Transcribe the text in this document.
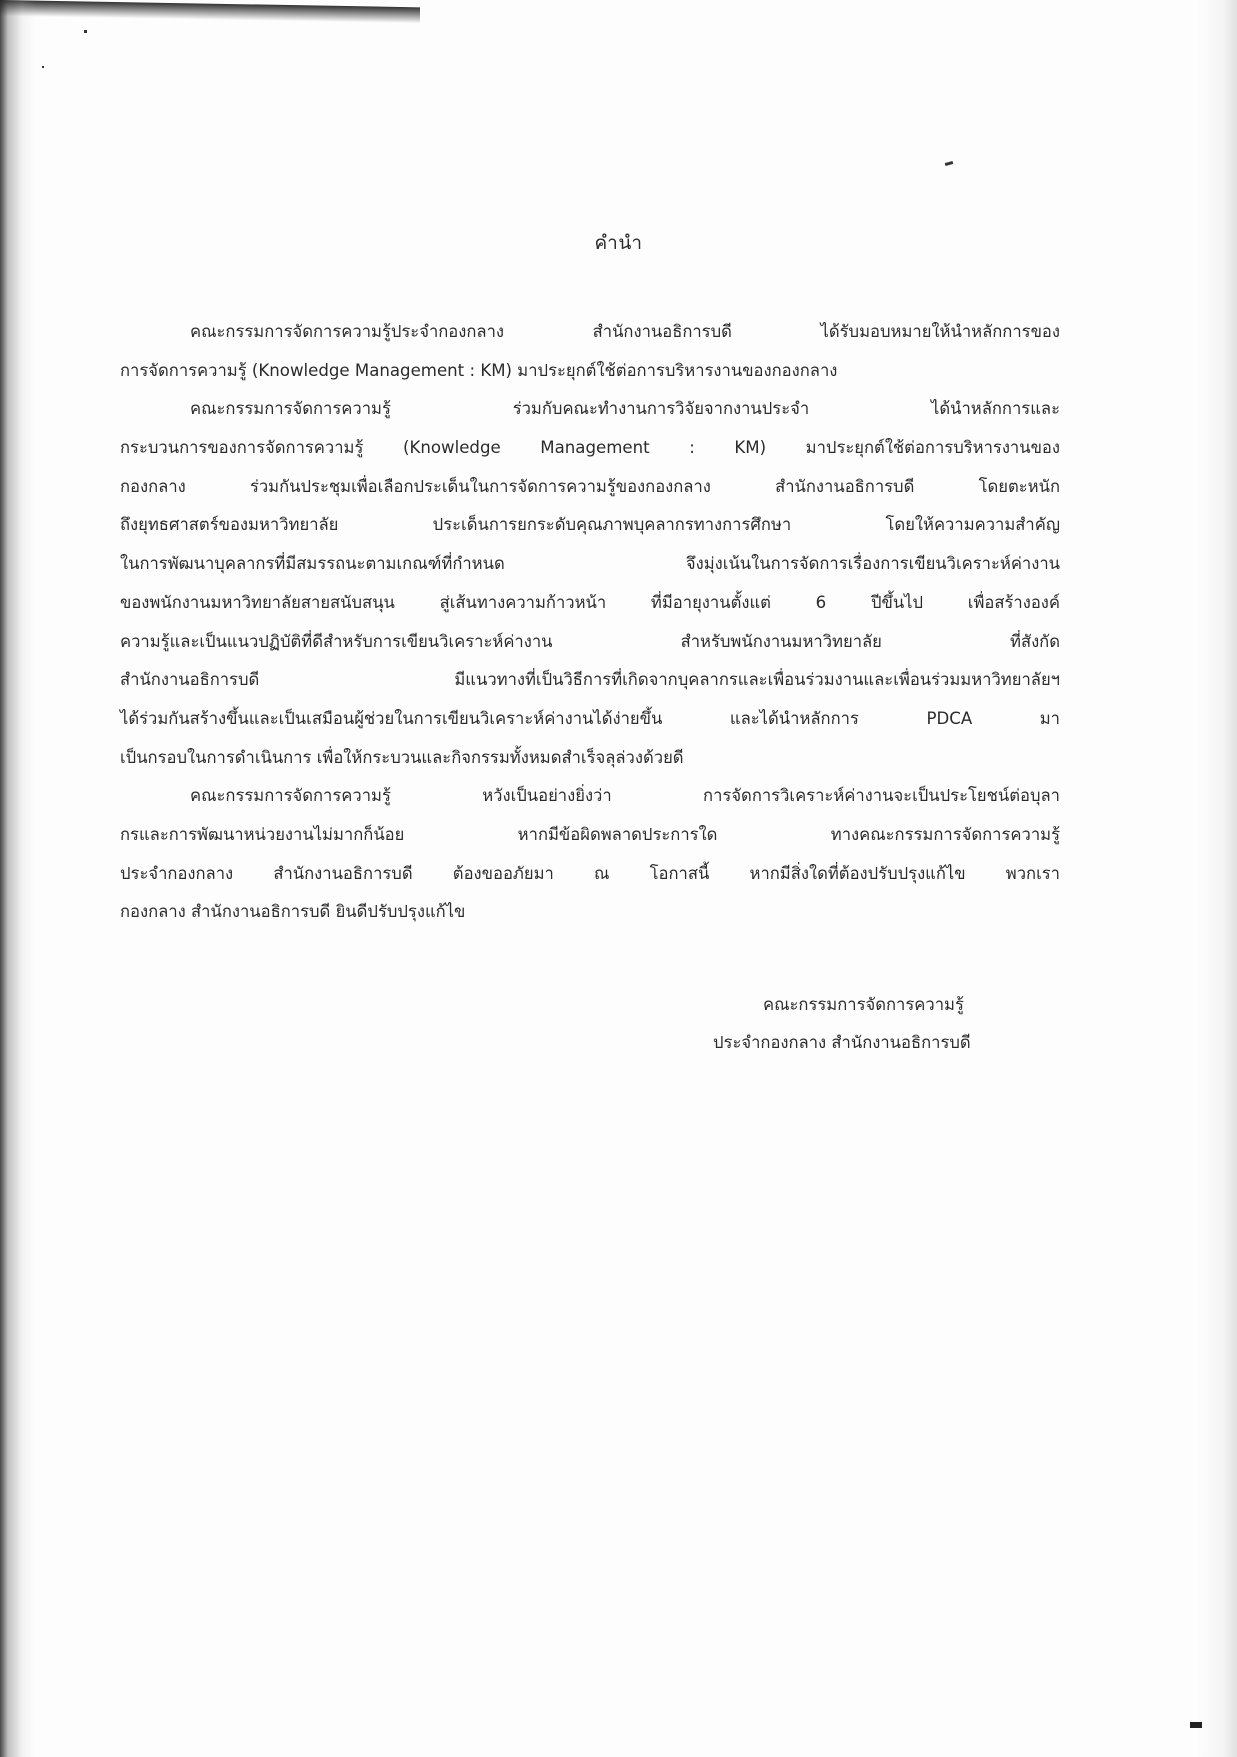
คำนำ
คณะกรรมการจัดการความรู้ประจำกองกลาง สำนักงานอธิการบดี ได้รับมอบหมายให้นำหลักการของ
การจัดการความรู้ (Knowledge Management : KM) มาประยุกต์ใช้ต่อการบริหารงานของกองกลาง
คณะกรรมการจัดการความรู้ ร่วมกับคณะทำงานการวิจัยจากงานประจำ ได้นำหลักการและ
กระบวนการของการจัดการความรู้ (Knowledge Management : KM) มาประยุกต์ใช้ต่อการบริหารงานของ
กองกลาง ร่วมกันประชุมเพื่อเลือกประเด็นในการจัดการความรู้ของกองกลาง สำนักงานอธิการบดี โดยตะหนัก
ถึงยุทธศาสตร์ของมหาวิทยาลัย ประเด็นการยกระดับคุณภาพบุคลากรทางการศึกษา โดยให้ความความสำคัญ
ในการพัฒนาบุคลากรที่มีสมรรถนะตามเกณฑ์ที่กำหนด จึงมุ่งเน้นในการจัดการเรื่องการเขียนวิเคราะห์ค่างาน
ของพนักงานมหาวิทยาลัยสายสนับสนุน สู่เส้นทางความก้าวหน้า ที่มีอายุงานตั้งแต่ 6 ปีขึ้นไป เพื่อสร้างองค์
ความรู้และเป็นแนวปฏิบัติที่ดีสำหรับการเขียนวิเคราะห์ค่างาน สำหรับพนักงานมหาวิทยาลัย ที่สังกัด
สำนักงานอธิการบดี มีแนวทางที่เป็นวิธีการที่เกิดจากบุคลากรและเพื่อนร่วมงานและเพื่อนร่วมมหาวิทยาลัยฯ
ได้ร่วมกันสร้างขึ้นและเป็นเสมือนผู้ช่วยในการเขียนวิเคราะห์ค่างานได้ง่ายขึ้น และได้นำหลักการ PDCA มา
เป็นกรอบในการดำเนินการ เพื่อให้กระบวนและกิจกรรมทั้งหมดสำเร็จลุล่วงด้วยดี
คณะกรรมการจัดการความรู้ หวังเป็นอย่างยิ่งว่า การจัดการวิเคราะห์ค่างานจะเป็นประโยชน์ต่อบุลา
กรและการพัฒนาหน่วยงานไม่มากก็น้อย หากมีข้อผิดพลาดประการใด ทางคณะกรรมการจัดการความรู้
ประจำกองกลาง สำนักงานอธิการบดี ต้องขออภัยมา ณ โอกาสนี้ หากมีสิ่งใดที่ต้องปรับปรุงแก้ไข พวกเรา
กองกลาง สำนักงานอธิการบดี ยินดีปรับปรุงแก้ไข
คณะกรรมการจัดการความรู้
ประจำกองกลาง สำนักงานอธิการบดี
